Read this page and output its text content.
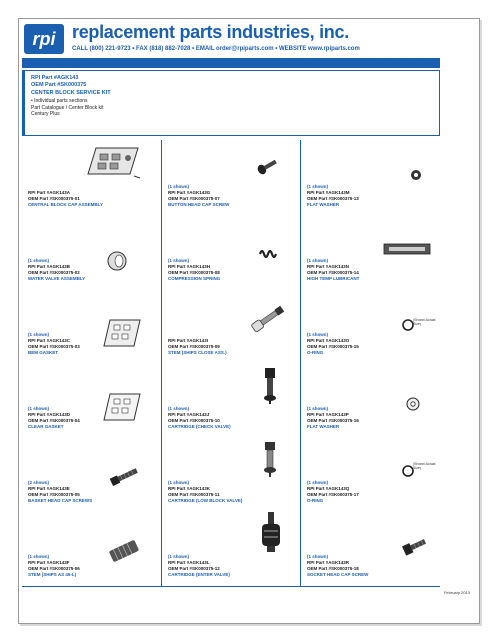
rpi replacement parts industries, inc.
CALL (800) 221-9723 • FAX (818) 882-7028 • EMAIL order@rpiparts.com • WEBSITE www.rpiparts.com
RPI Part #AGK143
OEM Part #SK000375
CENTER BLOCK SERVICE KIT
• Individual parts sections
Part Catalogue / Center Block kit
Century Plus
RPI Part #AGK143A
OEM Part #SK000375-01
CENTRAL BLOCK CAP ASSEMBLY
(1 shown)
RPI Part #AGK143B
OEM Part #SK000375-02
WATER VALVE ASSEMBLY
(1 shown)
RPI Part #AGK143C
OEM Part #SK000375-03
BEM GASKET
(1 shown)
RPI Part #AGK143D
OEM Part #SK000375-04
CLEAR GASKET
(2 shown)
RPI Part #AGK143E
OEM Part #SK000375-05
BASKET HEAD CAP SCREWS
(1 shown)
RPI Part #AGK143F
OEM Part #SK000375-06
STEM (SHIPS AS 45-L)
(1 shown)
RPI Part #AGK143G
OEM Part #SK000375-07
BUTTON HEAD CAP SCREW
(1 shown)
RPI Part #AGK143H
OEM Part #SK000375-08
COMPRESSION SPRING
RPI Part #AGK143I
OEM Part #SK000375-09
STEM (SHIPS CLOSE ASS.)
(1 shown)
RPI Part #AGK143J
OEM Part #SK000375-10
CARTRIDGE (CHECK VALVE)
(1 shown)
RPI Part #AGK143K
OEM Part #SK000375-11
CARTRIDGE (LOW BLOCK VALVE)
(1 shown)
RPI Part #AGK143L
OEM Part #SK000375-12
CARTRIDGE (ENTER VALVE)
(1 shown)
RPI Part #AGK143M
OEM Part #SK000375-13
FLAT WASHER
(1 shown)
RPI Part #AGK143N
OEM Part #SK000375-14
HIGH TEMP LUBRICANT
(Shown Actual Size)
(1 shown)
RPI Part #AGK143O
OEM Part #SK000375-15
O-RING
(1 shown)
RPI Part #AGK143P
OEM Part #SK000375-16
FLAT WASHER
(Shown Actual Size)
(1 shown)
RPI Part #AGK143Q
OEM Part #SK000375-17
O-RING
(1 shown)
RPI Part #AGK143R
OEM Part #SK000375-18
SOCKET HEAD CAP SCREW
February 2013
